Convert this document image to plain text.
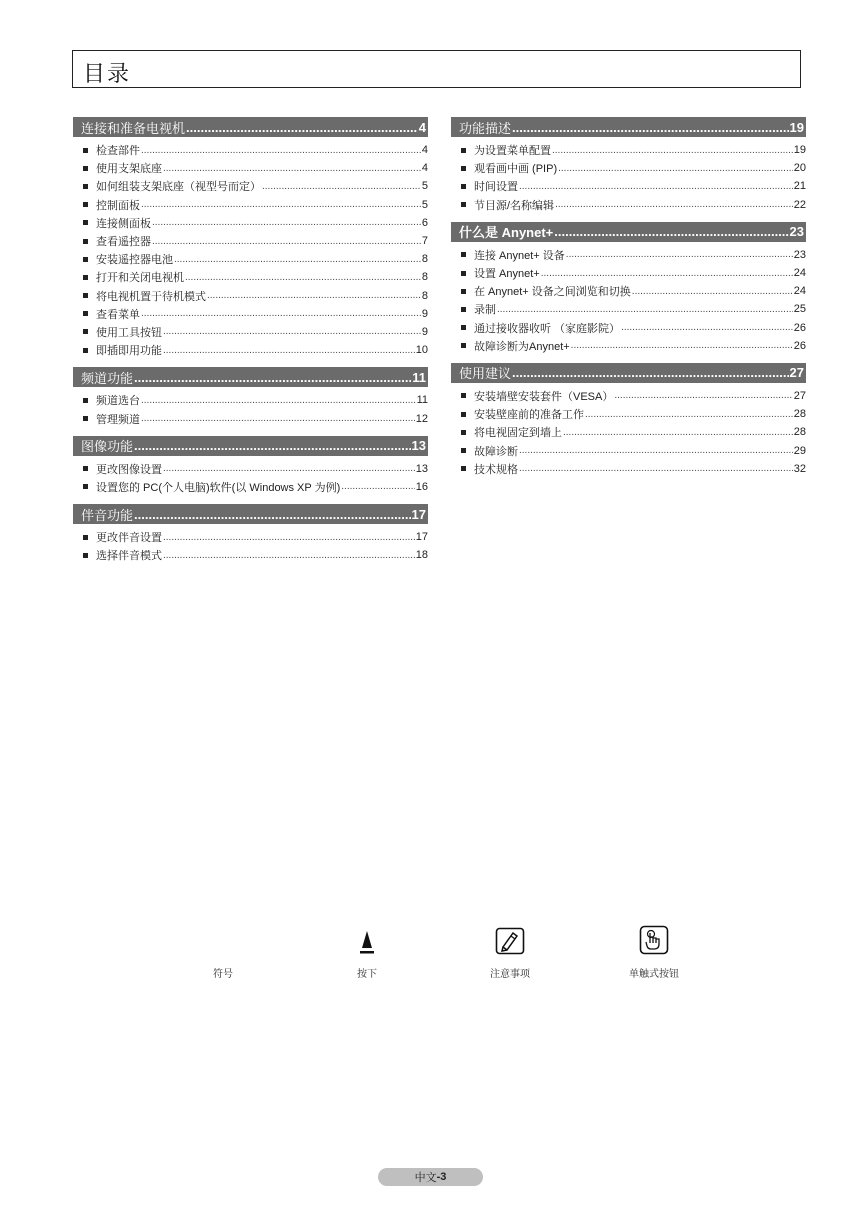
目录
连接和准备电视机 .....	4
检查部件 .....	4
使用支架底座 .....	4
如何组装支架底座（视型号而定） .....	5
控制面板 .....	5
连接侧面板 .....	6
查看遥控器 .....	7
安装遥控器电池 .....	8
打开和关闭电视机 .....	8
将电视机置于待机模式 .....	8
查看菜单 .....	9
使用工具按钮 .....	9
即插即用功能 .....	10
频道功能 .....	11
频道选台 .....	11
管理频道 .....	12
图像功能 .....	13
更改图像设置 .....	13
设置您的 PC(个人电脑)软件(以 Windows XP 为例) .....	16
伴音功能 .....	17
更改伴音设置 .....	17
选择伴音模式 .....	18
功能描述 .....	19
为设置菜单配置 .....	19
观看画中画 (PIP) .....	20
时间设置 .....	21
节目源/名称编辑 .....	22
什么是 Anynet+ .....	23
连接 Anynet+ 设备 .....	23
设置 Anynet+ .....	24
在 Anynet+ 设备之间浏览和切换 .....	24
录制 .....	25
通过接收器收听 （家庭影院） .....	26
故障诊断为Anynet+ .....	26
使用建议 .....	27
安装墙壁安装套件（VESA） .....	27
安装壁座前的准备工作 .....	28
将电视固定到墙上 .....	28
故障诊断 .....	29
技术规格 .....	32
符号	按下	注意事项	单触式按钮
中文 -3
